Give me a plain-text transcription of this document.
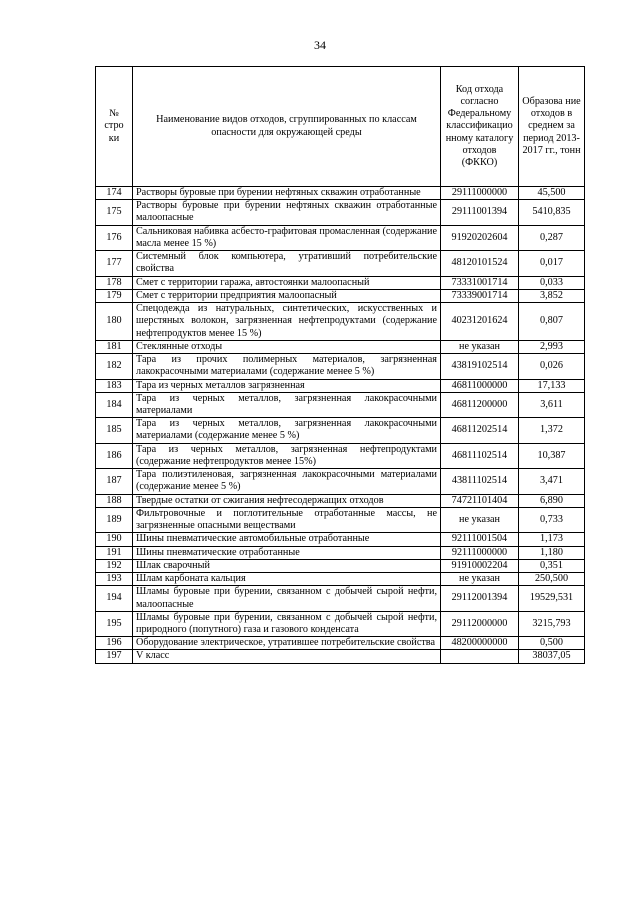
34
№ стро ки	Наименование видов отходов, сгруппированных по классам опасности для окружающей среды	Код отхода согласно Федеральному классификацио нному каталогу отходов (ФККО)	Образова ние отходов в среднем за период 2013-2017 гг., тонн
174	Растворы буровые при бурении нефтяных скважин отработанные	29111000000	45,500
175	Растворы буровые при бурении нефтяных скважин отработанные малоопасные	29111001394	5410,835
176	Сальниковая набивка асбесто-графитовая промасленная (содержание масла менее 15 %)	91920202604	0,287
177	Системный блок компьютера, утративший потребительские свойства	48120101524	0,017
178	Смет с территории гаража, автостоянки малоопасный	73331001714	0,033
179	Смет с территории предприятия малоопасный	73339001714	3,852
180	Спецодежда из натуральных, синтетических, искусственных и шерстяных волокон, загрязненная нефтепродуктами (содержание нефтепродуктов менее 15 %)	40231201624	0,807
181	Стеклянные отходы	не указан	2,993
182	Тара из прочих полимерных материалов, загрязненная лакокрасочными материалами (содержание менее 5 %)	43819102514	0,026
183	Тара из черных металлов загрязненная	46811000000	17,133
184	Тара из черных металлов, загрязненная лакокрасочными материалами	46811200000	3,611
185	Тара из черных металлов, загрязненная лакокрасочными материалами (содержание менее 5 %)	46811202514	1,372
186	Тара из черных металлов, загрязненная нефтепродуктами (содержание нефтепродуктов менее 15%)	46811102514	10,387
187	Тара полиэтиленовая, загрязненная лакокрасочными материалами (содержание менее 5 %)	43811102514	3,471
188	Твердые остатки от сжигания нефтесодержащих отходов	74721101404	6,890
189	Фильтровочные и поглотительные отработанные массы, не загрязненные опасными веществами	не указан	0,733
190	Шины пневматические автомобильные отработанные	92111001504	1,173
191	Шины пневматические отработанные	92111000000	1,180
192	Шлак сварочный	91910002204	0,351
193	Шлам карбоната кальция	не указан	250,500
194	Шламы буровые при бурении, связанном с добычей сырой нефти, малоопасные	29112001394	19529,531
195	Шламы буровые при бурении, связанном с добычей сырой нефти, природного (попутного) газа и газового конденсата	29112000000	3215,793
196	Оборудование электрическое, утратившее потребительские свойства	48200000000	0,500
197	V класс		38037,05
